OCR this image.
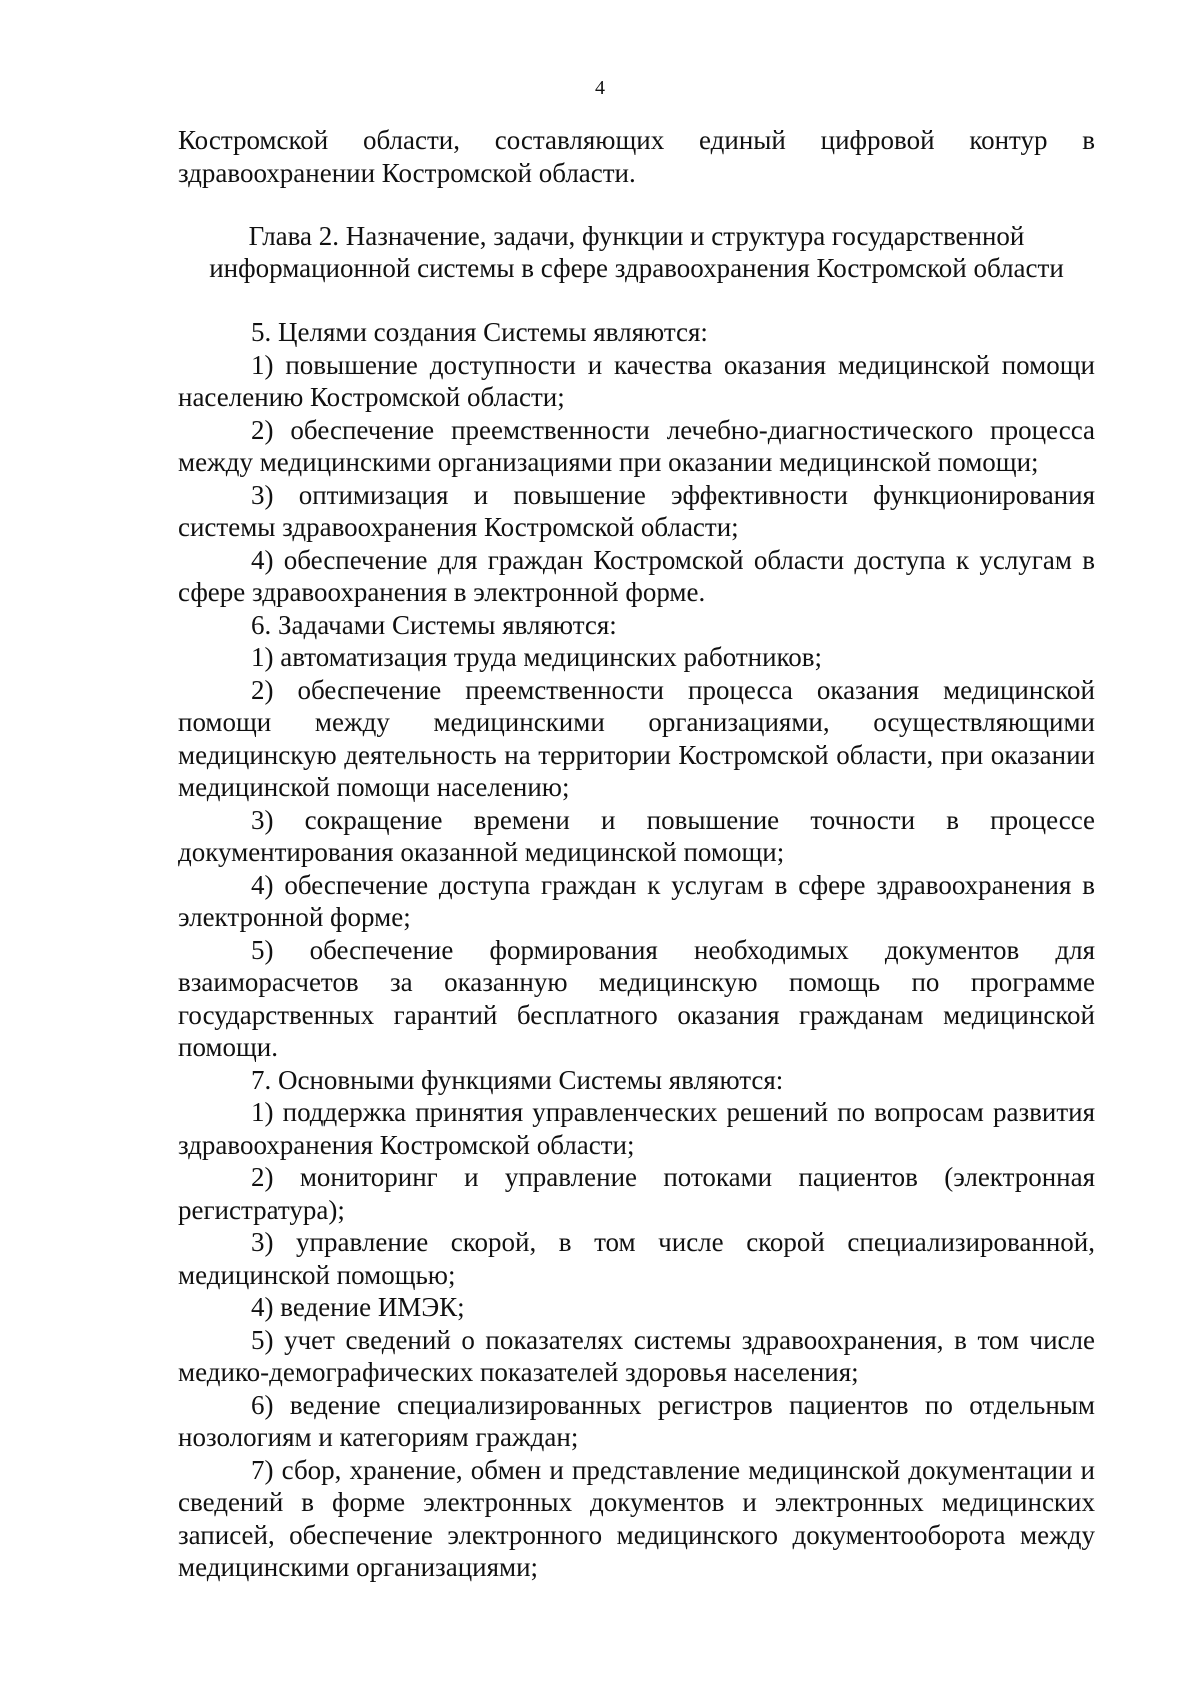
4

Костромской области, составляющих единый цифровой контур в здравоохранении Костромской области.

Глава 2. Назначение, задачи, функции и структура государственной
информационной системы в сфере здравоохранения Костромской области

5. Целями создания Системы являются:

1) повышение доступности и качества оказания медицинской помощи населению Костромской области;

2) обеспечение преемственности лечебно-диагностического процесса между медицинскими организациями при оказании медицинской помощи;

3) оптимизация и повышение эффективности функционирования системы здравоохранения Костромской области;

4) обеспечение для граждан Костромской области доступа к услугам в сфере здравоохранения в электронной форме.

6. Задачами Системы являются:

1) автоматизация труда медицинских работников;

2) обеспечение преемственности процесса оказания медицинской помощи между медицинскими организациями, осуществляющими медицинскую деятельность на территории Костромской области, при оказании медицинской помощи населению;

3) сокращение времени и повышение точности в процессе документирования оказанной медицинской помощи;

4) обеспечение доступа граждан к услугам в сфере здравоохранения в электронной форме;

5) обеспечение формирования необходимых документов для взаиморасчетов за оказанную медицинскую помощь по программе государственных гарантий бесплатного оказания гражданам медицинской помощи.

7. Основными функциями Системы являются:

1) поддержка принятия управленческих решений по вопросам развития здравоохранения Костромской области;

2) мониторинг и управление потоками пациентов (электронная регистратура);

3) управление скорой, в том числе скорой специализированной, медицинской помощью;

4) ведение ИМЭК;

5) учет сведений о показателях системы здравоохранения, в том числе медико-демографических показателей здоровья населения;

6) ведение специализированных регистров пациентов по отдельным нозологиям и категориям граждан;

7) сбор, хранение, обмен и представление медицинской документации и сведений в форме электронных документов и электронных медицинских записей, обеспечение электронного медицинского документооборота между медицинскими организациями;
